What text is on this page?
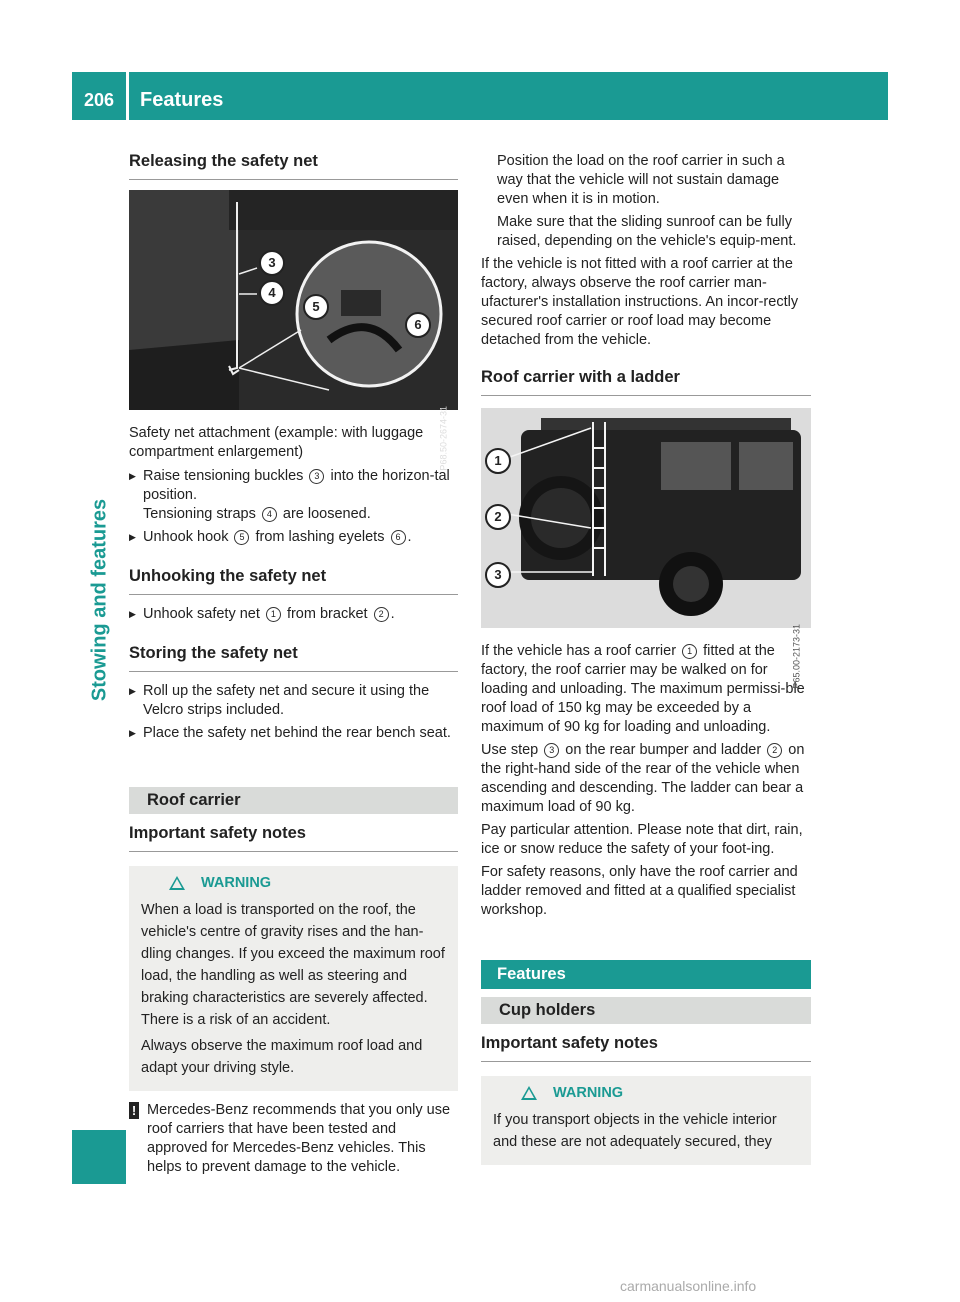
206	Features
Stowing and features
Releasing the safety net
3
4
5
6
P68.50-2674-31

Safety net attachment (example: with luggage compartment enlargement)

▶ Raise tensioning buckles 3 into the horizon-tal position.
Tensioning straps 4 are loosened.
▶ Unhook hook 5 from lashing eyelets 6 .
Unhooking the safety net
▶ Unhook safety net 1 from bracket 2 .
Storing the safety net
▶ Roll up the safety net and secure it using the Velcro strips included.
▶ Place the safety net behind the rear bench seat.
Roof carrier
Important safety notes
WARNING

When a load is transported on the roof, the vehicle's centre of gravity rises and the han-dling changes. If you exceed the maximum roof load, the handling as well as steering and braking characteristics are severely affected. There is a risk of an accident.

Always observe the maximum roof load and adapt your driving style.

! Mercedes-Benz recommends that you only use roof carriers that have been tested and approved for Mercedes-Benz vehicles. This helps to prevent damage to the vehicle.

Position the load on the roof carrier in such a way that the vehicle will not sustain damage even when it is in motion.

Make sure that the sliding sunroof can be fully raised, depending on the vehicle's equip-ment.

If the vehicle is not fitted with a roof carrier at the factory, always observe the roof carrier man-ufacturer's installation instructions. An incor-rectly secured roof carrier or roof load may become detached from the vehicle.

Roof carrier with a ladder
1
2
3
P65.00-2173-31

If the vehicle has a roof carrier 1 fitted at the factory, the roof carrier may be walked on for loading and unloading. The maximum permissi-ble roof load of 150 kg may be exceeded by a maximum of 90 kg for loading and unloading.

Use step 3 on the rear bumper and ladder 2 on the right-hand side of the rear of the vehicle when ascending and descending. The ladder can bear a maximum load of 90 kg.

Pay particular attention. Please note that dirt, rain, ice or snow reduce the safety of your foot-ing.

For safety reasons, only have the roof carrier and ladder removed and fitted at a qualified specialist workshop.

Features
Cup holders
Important safety notes
WARNING

If you transport objects in the vehicle interior and these are not adequately secured, they

carmanualsonline.info
